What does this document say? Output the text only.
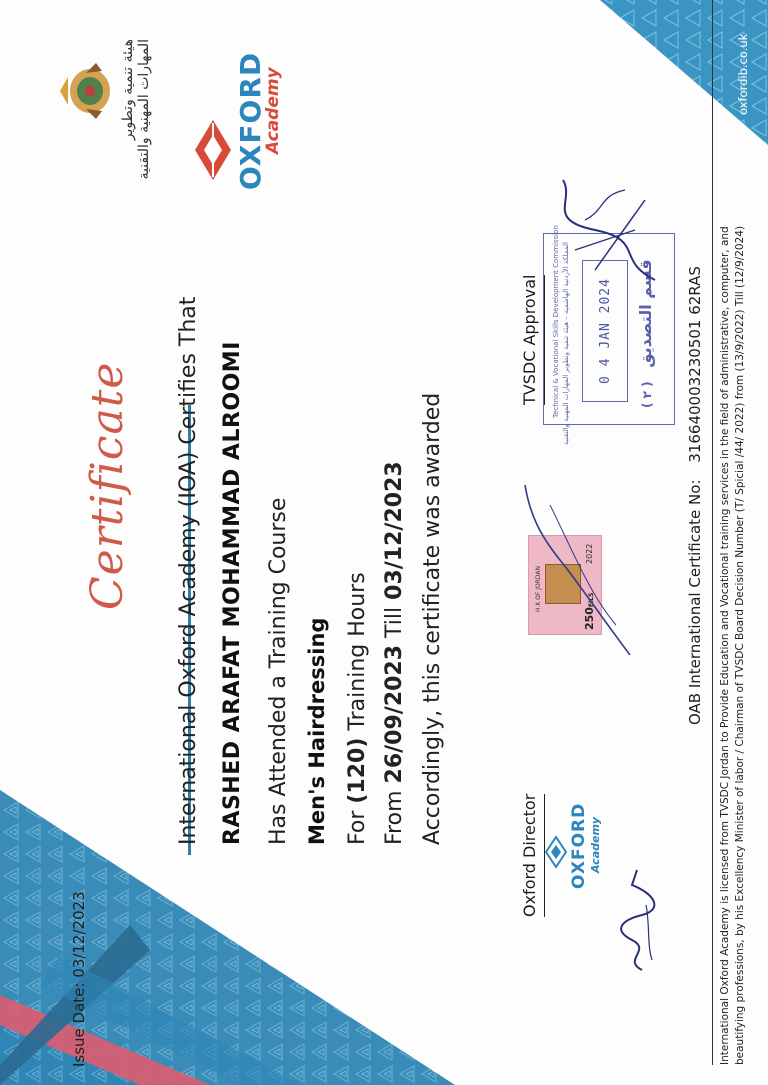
هيئة تنمية وتطوير المهارات المهنية والتقنية	OXFORD
Academy	oxfordib.co.uk
Certificate International Oxford Academy (IOA) Certifies That RASHED ARAFAT MOHAMMAD ALROOMI Has Attended a Training Course Men's Hairdressing For (120) Training Hours
From 26/09/2023 Till 03/12/2023 Accordingly, this certificate was awarded	H.K OF JORDAN
250FILS
2022
TVSDC Approval	Technical & Vocational Skills Development Commission المملكة الأردنية الهاشمية – هيئة تنمية وتطوير المهارات المهنية والتقنية 0 4 JAN 2024
( ٢ ) قسم التصديق
Oxford Director	OXFORD Academy
Issue Date: 03/12/2023
OAB International Certificate No: 316640003230501 62RAS International Oxford Academy is licensed from TVSDC Jordan to Provide Education and Vocational training services in the field of administrative, computer, and beautifying professions, by his Excellency Minister of labor / Chairman of TVSDC Board Decision Number (T/ Spicial /44/ 2022) from (13/9/2022) Till (12/9/2024)
